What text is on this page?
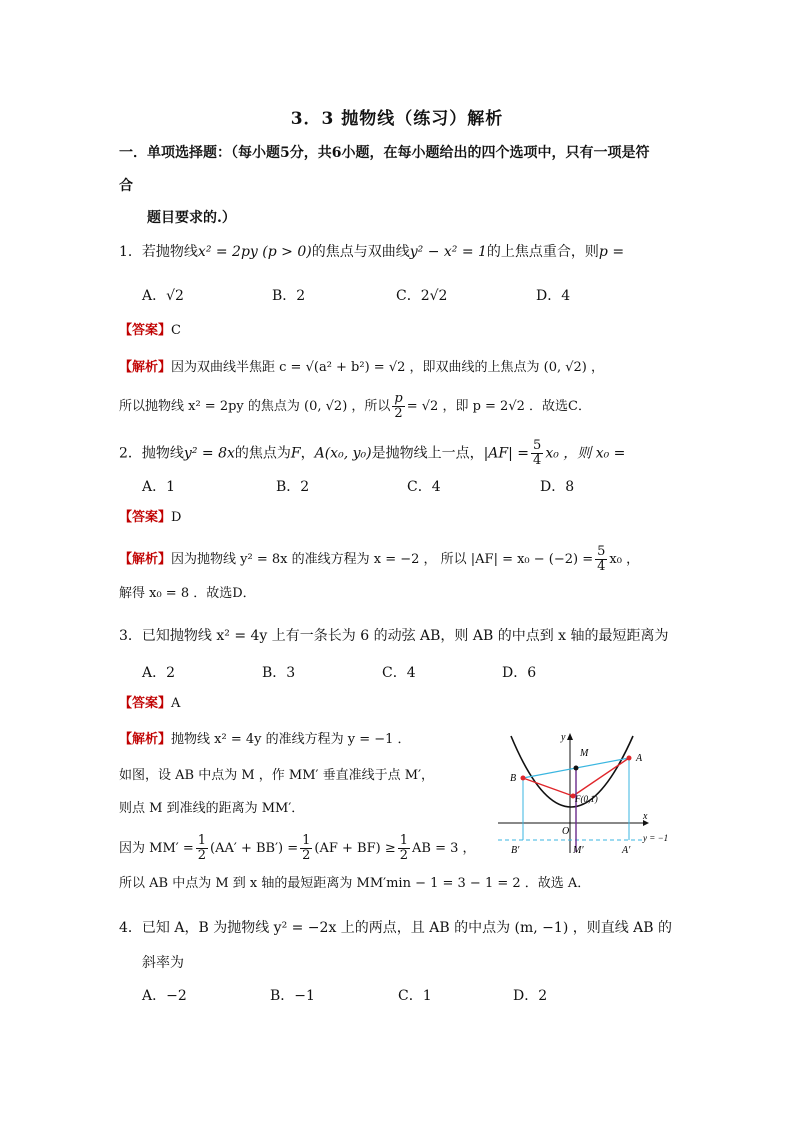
3．3 抛物线（练习）解析
一．单项选择题：（每小题5分，共6小题，在每小题给出的四个选项中，只有一项是符
合
题目要求的.）
1．若抛物线x² = 2py (p > 0)的焦点与双曲线y² − x² = 1的上焦点重合，则p =
A．√2	B．2	C．2√2	D．4
【答案】C
【解析】因为双曲线半焦距 c = √(a² + b²) = √2 ，即双曲线的上焦点为 (0, √2) ，
所以抛物线 x² = 2py 的焦点为 (0, √2) ，所以 $\frac{p}{2} = √2$ ，即 p = 2√2 ．故选C．
2．抛物线y² = 8x的焦点为F，A(x₀, y₀)是抛物线上一点，$|AF| = \frac{5}{4} x_0$ ，则 x₀ =
A．1	B．2	C．4	D．8
【答案】D
【解析】因为抛物线 y² = 8x 的准线方程为 x = −2 ， 所以 $|AF| = x_0 - (-2) = \frac{5}{4} x_0$ ，
解得 x₀ = 8 ．故选D．
3．已知抛物线 x² = 4y 上有一条长为 6 的动弦 AB，则 AB 的中点到 x 轴的最短距离为
A．2	B．3	C．4	D．6
【答案】A
【解析】抛物线 x² = 4y 的准线方程为 y = −1 ．
如图，设 AB 中点为 M ，作 MM′ 垂直准线于点 M′，
则点 M 到准线的距离为 MM′．
因为 $MM' = \frac{1}{2} (AA' + BB') = \frac{1}{2} (AF + BF) \ge \frac{1}{2}$ AB = 3 ，
所以 AB 中点为 M 到 x 轴的最短距离为 MM′min − 1 = 3 − 1 = 2 ．故选 A．
y
x
O
A
B
M
F(0,1)
A′
B′	M′
y = −1
4．已知 A，B 为抛物线 y² = −2x 上的两点，且 AB 的中点为 (m, −1) ，则直线 AB 的
斜率为
A．−2	B．−1	C．1	D．2
